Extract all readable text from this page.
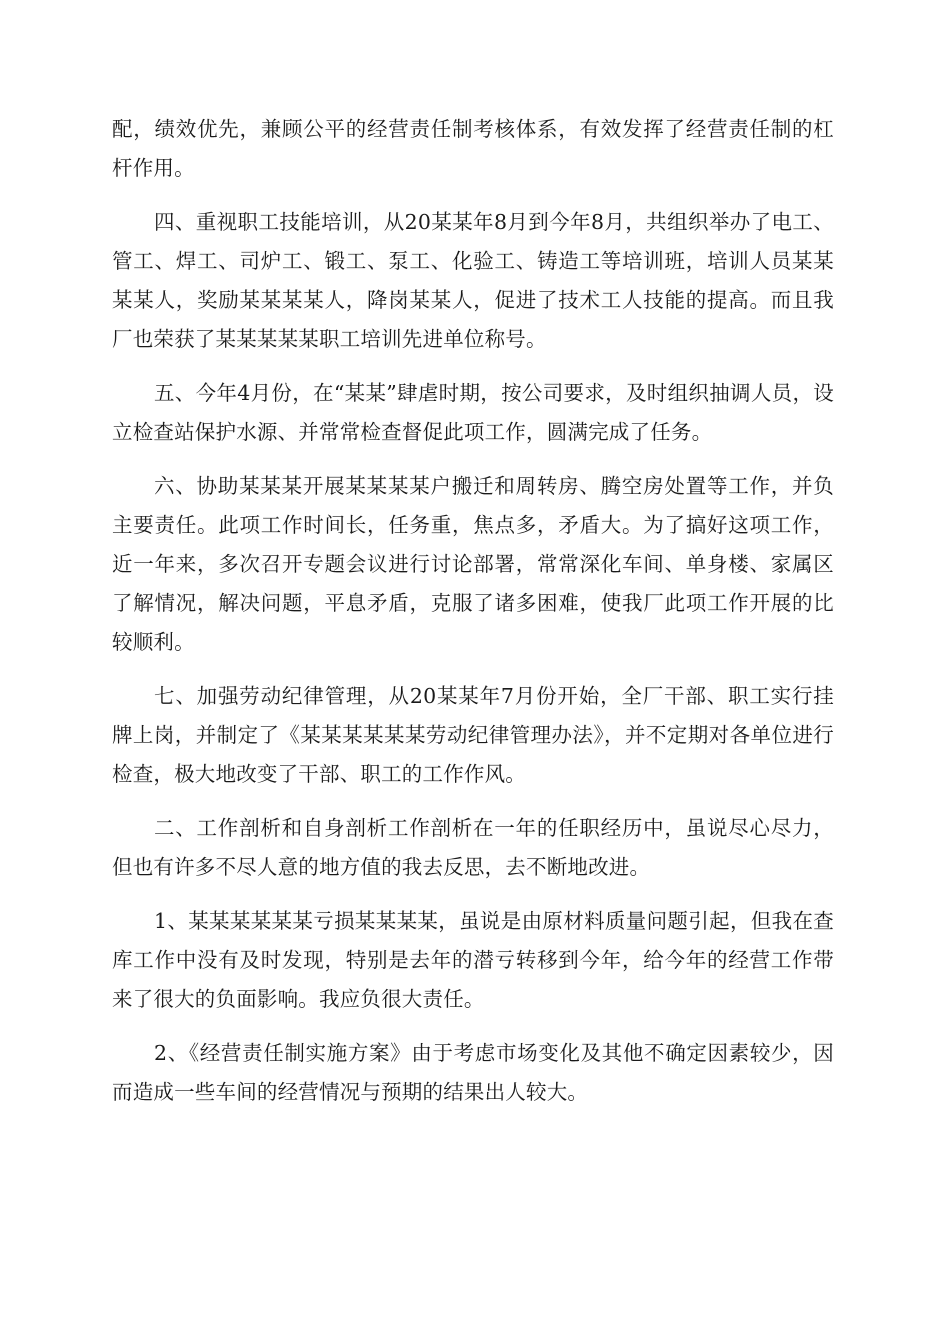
配，绩效优先，兼顾公平的经营责任制考核体系，有效发挥了经营责任制的杠杆作用。

四、重视职工技能培训，从20某某年8月到今年8月，共组织举办了电工、管工、焊工、司炉工、锻工、泵工、化验工、铸造工等培训班，培训人员某某某某人，奖励某某某某人，降岗某某人，促进了技术工人技能的提高。而且我厂也荣获了某某某某某职工培训先进单位称号。

五、今年4月份，在“某某”肆虐时期，按公司要求，及时组织抽调人员，设立检查站保护水源、并常常检查督促此项工作，圆满完成了任务。

六、协助某某某开展某某某某户搬迁和周转房、腾空房处置等工作，并负主要责任。此项工作时间长，任务重，焦点多，矛盾大。为了搞好这项工作，近一年来，多次召开专题会议进行讨论部署，常常深化车间、单身楼、家属区了解情况，解决问题，平息矛盾，克服了诸多困难，使我厂此项工作开展的比较顺利。

七、加强劳动纪律管理，从20某某年7月份开始，全厂干部、职工实行挂牌上岗，并制定了《某某某某某某劳动纪律管理办法》，并不定期对各单位进行检查，极大地改变了干部、职工的工作作风。

二、工作剖析和自身剖析工作剖析在一年的任职经历中，虽说尽心尽力，但也有许多不尽人意的地方值的我去反思，去不断地改进。

1、某某某某某某亏损某某某某，虽说是由原材料质量问题引起，但我在查库工作中没有及时发现，特别是去年的潜亏转移到今年，给今年的经营工作带来了很大的负面影响。我应负很大责任。

2、《经营责任制实施方案》由于考虑市场变化及其他不确定因素较少，因而造成一些车间的经营情况与预期的结果出人较大。
